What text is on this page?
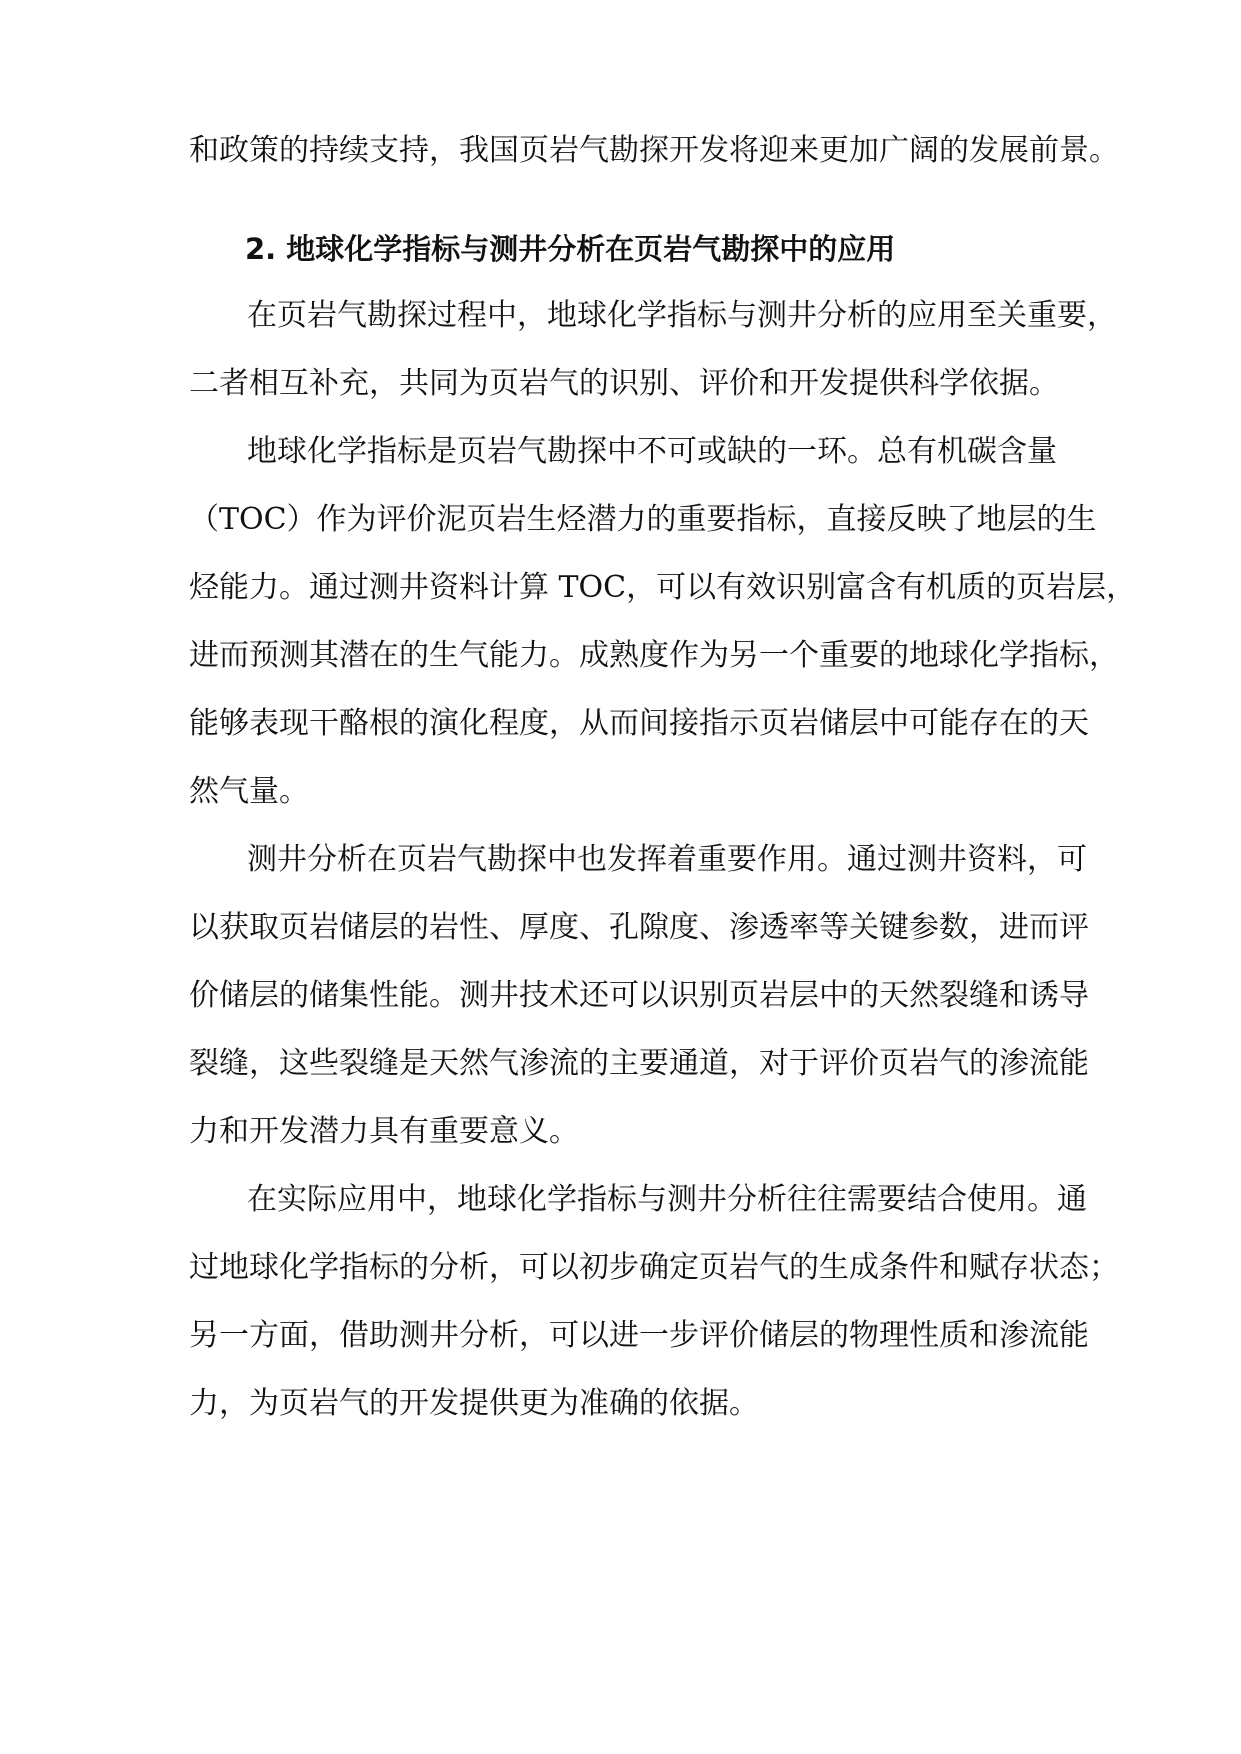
和政策的持续支持，我国页岩气勘探开发将迎来更加广阔的发展前景。
2. 地球化学指标与测井分析在页岩气勘探中的应用
在页岩气勘探过程中，地球化学指标与测井分析的应用至关重要，
二者相互补充，共同为页岩气的识别、评价和开发提供科学依据。
地球化学指标是页岩气勘探中不可或缺的一环。总有机碳含量
（TOC）作为评价泥页岩生烃潜力的重要指标，直接反映了地层的生
烃能力。通过测井资料计算 TOC，可以有效识别富含有机质的页岩层，
进而预测其潜在的生气能力。成熟度作为另一个重要的地球化学指标，
能够表现干酪根的演化程度，从而间接指示页岩储层中可能存在的天
然气量。
测井分析在页岩气勘探中也发挥着重要作用。通过测井资料，可
以获取页岩储层的岩性、厚度、孔隙度、渗透率等关键参数，进而评
价储层的储集性能。测井技术还可以识别页岩层中的天然裂缝和诱导
裂缝，这些裂缝是天然气渗流的主要通道，对于评价页岩气的渗流能
力和开发潜力具有重要意义。
在实际应用中，地球化学指标与测井分析往往需要结合使用。通
过地球化学指标的分析，可以初步确定页岩气的生成条件和赋存状态；
另一方面，借助测井分析，可以进一步评价储层的物理性质和渗流能
力，为页岩气的开发提供更为准确的依据。
